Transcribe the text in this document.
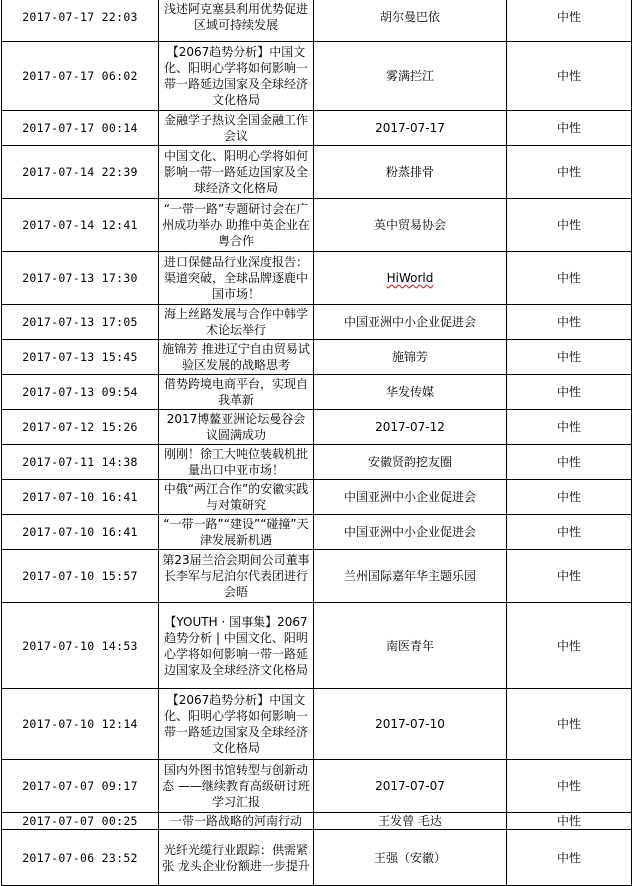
2017-07-17 22:03	浅述阿克塞县利用优势促进区域可持续发展	胡尔曼巴依	中性
2017-07-17 06:02	【2067趋势分析】中国文化、阳明心学将如何影响一带一路延边国家及全球经济文化格局	雾满拦江	中性
2017-07-17 00:14	金融学子热议全国金融工作会议	2017-07-17	中性
2017-07-14 22:39	中国文化、阳明心学将如何影响一带一路延边国家及全球经济文化格局	粉蒸排骨	中性
2017-07-14 12:41	“一带一路”专题研讨会在广州成功举办 助推中英企业在粤合作	英中贸易协会	中性
2017-07-13 17:30	进口保健品行业深度报告：渠道突破，全球品牌逐鹿中国市场！	HiWorld	中性
2017-07-13 17:05	海上丝路发展与合作中韩学术论坛举行	中国亚洲中小企业促进会	中性
2017-07-13 15:45	施锦芳 推进辽宁自由贸易试验区发展的战略思考	施锦芳	中性
2017-07-13 09:54	借势跨境电商平台，实现自我革新	华发传媒	中性
2017-07-12 15:26	2017博鳌亚洲论坛曼谷会议圆满成功	2017-07-12	中性
2017-07-11 14:38	刚刚！徐工大吨位装载机批量出口中亚市场！	安徽贤韵挖友圈	中性
2017-07-10 16:41	中俄“两江合作”的安徽实践与对策研究	中国亚洲中小企业促进会	中性
2017-07-10 16:41	“一带一路”“建设”“碰撞”天津发展新机遇	中国亚洲中小企业促进会	中性
2017-07-10 15:57	第23届兰洽会期间公司董事长李军与尼泊尔代表团进行会晤	兰州国际嘉年华主题乐园	中性
2017-07-10 14:53	【YOUTH · 国事集】2067趋势分析 | 中国文化、阳明心学将如何影响一带一路延边国家及全球经济文化格局	南医青年	中性
2017-07-10 12:14	【2067趋势分析】中国文化、阳明心学将如何影响一带一路延边国家及全球经济文化格局	2017-07-10	中性
2017-07-07 09:17	国内外图书馆转型与创新动态 ——继续教育高级研讨班学习汇报	2017-07-07	中性
2017-07-07 00:25	一带一路战略的河南行动	王发曾 毛达	中性
2017-07-06 23:52	光纤光缆行业跟踪：供需紧张 龙头企业份额进一步提升	王强（安徽）	中性
